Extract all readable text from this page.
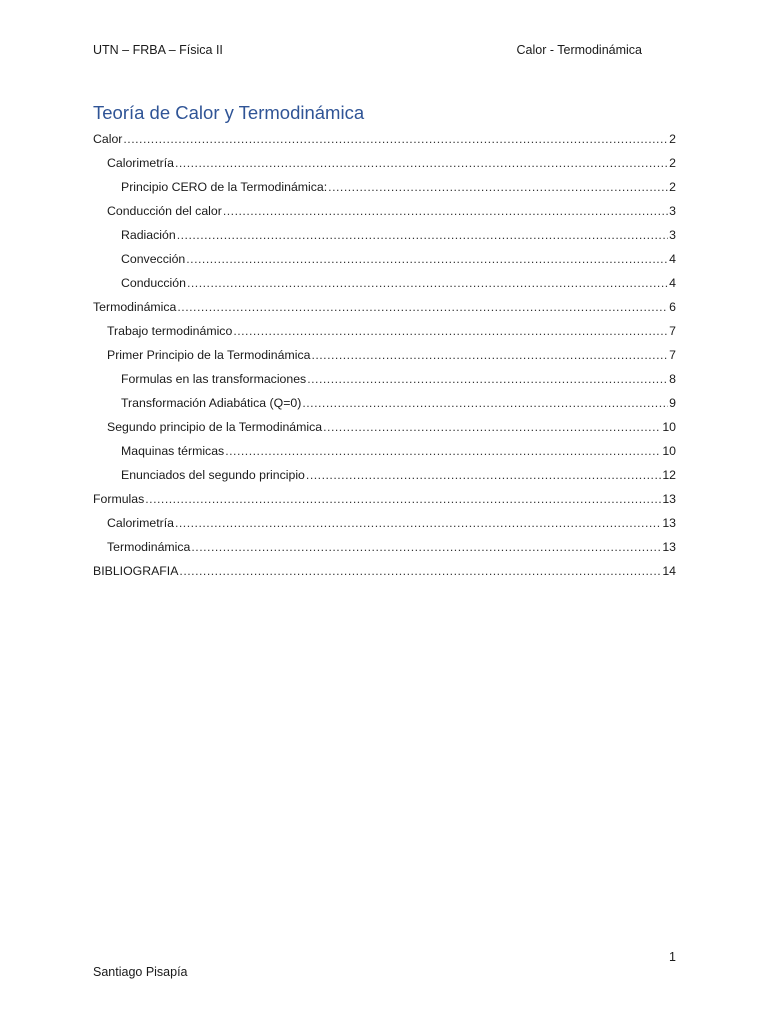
UTN – FRBA – Física II	Calor - Termodinámica
Teoría de Calor y Termodinámica
Calor .....	2
Calorimetría .....	2
Principio CERO de la Termodinámica: .....	2
Conducción del calor .....	3
Radiación .....	3
Convección .....	4
Conducción .....	4
Termodinámica .....	6
Trabajo termodinámico .....	7
Primer Principio de la Termodinámica .....	7
Formulas en las transformaciones .....	8
Transformación Adiabática (Q=0) .....	9
Segundo principio de la Termodinámica .....	10
Maquinas térmicas .....	10
Enunciados del segundo principio .....	12
Formulas .....	13
Calorimetría .....	13
Termodinámica .....	13
BIBLIOGRAFIA .....	14
1
Santiago Pisapía
